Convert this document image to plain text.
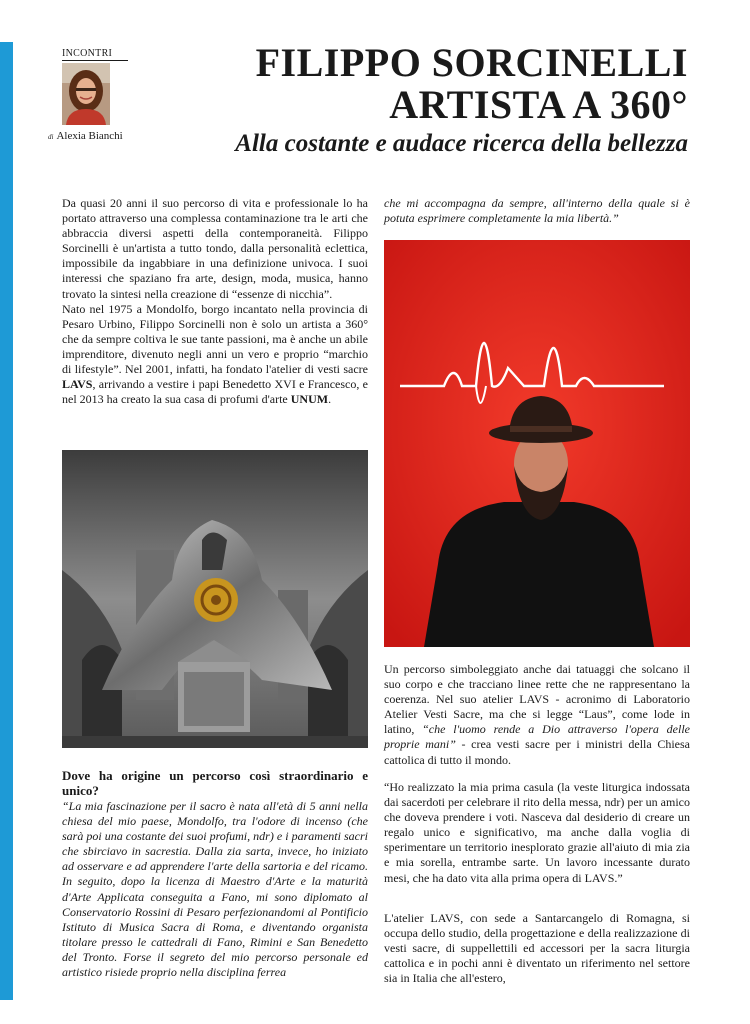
INCONTRI
di Alexia Bianchi
FILIPPO SORCINELLI
ARTISTA A 360°
Alla costante e audace ricerca della bellezza

Da quasi 20 anni il suo percorso di vita e professionale lo ha portato attraverso una complessa contaminazione tra le arti che abbraccia diversi aspetti della contemporaneità. Filippo Sorcinelli è un'artista a tutto tondo, dalla personalità eclettica, impossibile da ingabbiare in una definizione univoca. I suoi interessi che spaziano fra arte, design, moda, musica, hanno trovato la sintesi nella creazione di “essenze di nicchia”.

Nato nel 1975 a Mondolfo, borgo incantato nella provincia di Pesaro Urbino, Filippo Sorcinelli non è solo un artista a 360° che da sempre coltiva le sue tante passioni, ma è anche un abile imprenditore, divenuto negli anni un vero e proprio “marchio di lifestyle”. Nel 2001, infatti, ha fondato l'atelier di vesti sacre LAVS, arrivando a vestire i papi Benedetto XVI e Francesco, e nel 2013 ha creato la sua casa di profumi d'arte UNUM.

Dove ha origine un percorso così straordinario e unico?

“La mia fascinazione per il sacro è nata all'età di 5 anni nella chiesa del mio paese, Mondolfo, tra l'odore di incenso (che sarà poi una costante dei suoi profumi, ndr) e i paramenti sacri che sbirciavo in sacrestia. Dalla zia sarta, invece, ho iniziato ad osservare e ad apprendere l'arte della sartoria e del ricamo. In seguito, dopo la licenza di Maestro d'Arte e la maturità d'Arte Applicata conseguita a Fano, mi sono diplomato al Conservatorio Rossini di Pesaro perfezionandomi al Pontificio Istituto di Musica Sacra di Roma, e diventando organista titolare presso le cattedrali di Fano, Rimini e San Benedetto del Tronto. Forse il segreto del mio percorso personale ed artistico risiede proprio nella disciplina ferrea

che mi accompagna da sempre, all'interno della quale si è potuta esprimere completamente la mia libertà.”

Un percorso simboleggiato anche dai tatuaggi che solcano il suo corpo e che tracciano linee rette che ne rappresentano la coerenza. Nel suo atelier LAVS - acronimo di Laboratorio Atelier Vesti Sacre, ma che si legge “Laus”, come lode in latino, “che l'uomo rende a Dio attraverso l'opera delle proprie mani” - crea vesti sacre per i ministri della Chiesa cattolica di tutto il mondo.

“Ho realizzato la mia prima casula (la veste liturgica indossata dai sacerdoti per celebrare il rito della messa, ndr) per un amico che doveva prendere i voti. Nasceva dal desiderio di creare un regalo unico e significativo, ma anche dalla voglia di sperimentare un territorio inesplorato grazie all'aiuto di mia zia e mia sorella, entrambe sarte. Un lavoro incessante durato mesi, che ha dato vita alla prima opera di LAVS.”

L'atelier LAVS, con sede a Santarcangelo di Romagna, si occupa dello studio, della progettazione e della realizzazione di vesti sacre, di suppellettili ed accessori per la sacra liturgia cattolica e in pochi anni è diventato un riferimento nel settore sia in Italia che all'estero,
